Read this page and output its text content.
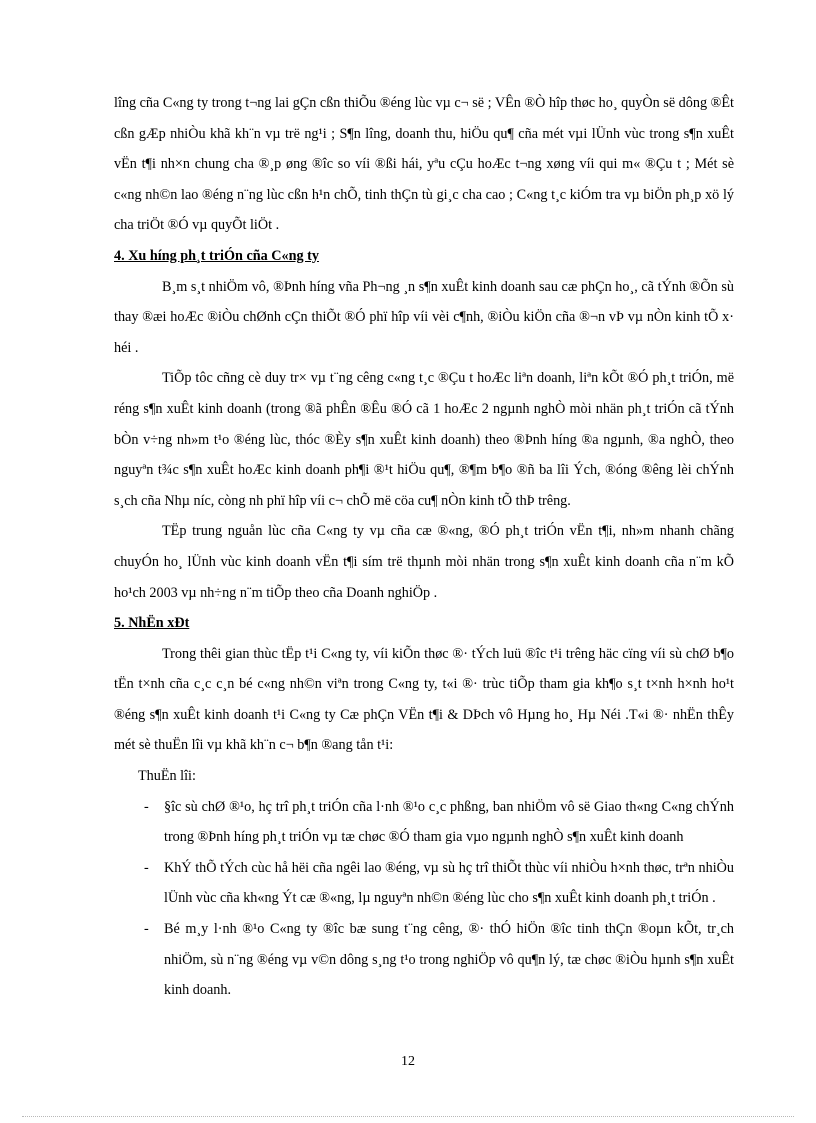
lîng cña C«ng ty trong t¬ng lai gÇn cßn thiÕu ®éng lùc vµ c¬ së ; VÊn ®Ò hîp thøc ho¸ quyÒn së dông ®Êt cßn gÆp nhiÒu khã kh¨n vµ trë ng¹i ; S¶n lîng, doanh thu, hiÖu qu¶ cña mét vµi lÜnh vùc trong s¶n xuÊt vËn t¶i nh×n chung cha ®¸p øng ®îc so víi ®ßi hái, yªu cÇu hoÆc t¬ng xøng víi qui m« ®Çu t ; Mét sè c«ng nh©n lao ®éng n¨ng lùc cßn h¹n chÕ, tinh thÇn tù gi¸c cha cao ; C«ng t¸c kiÓm tra vµ biÖn ph¸p xö lý cha triÖt ®Ó vµ quyÕt liÖt .

4. Xu híng ph¸t triÓn cña C«ng ty

B¸m s¸t nhiÖm vô, ®Þnh híng vña Ph¬ng ¸n s¶n xuÊt kinh doanh sau cæ phÇn ho¸, cã tÝnh ®Õn sù thay ®æi hoÆc ®iÒu chØnh cÇn thiÕt ®Ó phï hîp víi vèi c¶nh, ®iÒu kiÖn cña ®¬n vÞ vµ nÒn kinh tÕ x· héi .

TiÕp tôc cñng cè duy tr× vµ t¨ng cêng c«ng t¸c ®Çu t hoÆc liªn doanh, liªn kÕt ®Ó ph¸t triÓn, më réng s¶n xuÊt kinh doanh (trong ®ã phÊn ®Êu ®Ó cã 1 hoÆc 2 ngµnh nghÒ mòi nhän ph¸t triÓn cã tÝnh bÒn v÷ng nh»m t¹o ®éng lùc, thóc ®Èy s¶n xuÊt kinh doanh) theo ®Þnh híng ®a ngµnh, ®a nghÒ, theo nguyªn t¾c s¶n xuÊt hoÆc kinh doanh ph¶i ®¹t hiÖu qu¶, ®¶m b¶o ®ñ ba lîi Ých, ®óng ®êng lèi chÝnh s¸ch cña Nhµ níc, còng nh phï hîp víi c¬ chÕ më cöa cu¶ nÒn kinh tÕ thÞ trêng.

TËp trung nguån lùc cña C«ng ty vµ cña cæ ®«ng, ®Ó ph¸t triÓn vËn t¶i, nh»m nhanh chãng chuyÓn ho¸ lÜnh vùc kinh doanh vËn t¶i sím trë thµnh mòi nhän trong s¶n xuÊt kinh doanh cña n¨m kÕ ho¹ch 2003 vµ nh÷ng n¨m tiÕp theo cña Doanh nghiÖp .

5. NhËn xÐt

Trong thêi gian thùc tËp t¹i C«ng ty, víi kiÕn thøc ®· tÝch luü ®îc t¹i trêng häc cïng víi sù chØ b¶o tËn t×nh cña c¸c c¸n bé c«ng nh©n viªn trong C«ng ty, t«i ®· trùc tiÕp tham gia kh¶o s¸t t×nh h×nh ho¹t ®éng s¶n xuÊt kinh doanh t¹i C«ng ty Cæ phÇn VËn t¶i & DÞch vô Hµng ho¸ Hµ Néi .T«i ®· nhËn thÊy mét sè thuËn lîi vµ khã kh¨n c¬ b¶n ®ang tån t¹i:

ThuËn lîi:

- §îc sù chØ ®¹o, hç trî ph¸t triÓn cña l·nh ®¹o c¸c phßng, ban nhiÖm vô së Giao th«ng C«ng chÝnh trong ®Þnh híng ph¸t triÓn vµ tæ chøc ®Ó tham gia vµo ngµnh nghÒ s¶n xuÊt kinh doanh
- KhÝ thÕ tÝch cùc hå hëi cña ngêi lao ®éng, vµ sù hç trî thiÕt thùc víi nhiÒu h×nh thøc, trªn nhiÒu lÜnh vùc cña kh«ng Ýt cæ ®«ng, lµ nguyªn nh©n ®éng lùc cho s¶n xuÊt kinh doanh ph¸t triÓn .
- Bé m¸y l·nh ®¹o C«ng ty ®îc bæ sung t¨ng cêng, ®· thÓ hiÖn ®îc tinh thÇn ®oµn kÕt, tr¸ch nhiÖm, sù n¨ng ®éng vµ v©n dông s¸ng t¹o trong nghiÖp vô qu¶n lý, tæ chøc ®iÒu hµnh s¶n xuÊt kinh doanh.
12
